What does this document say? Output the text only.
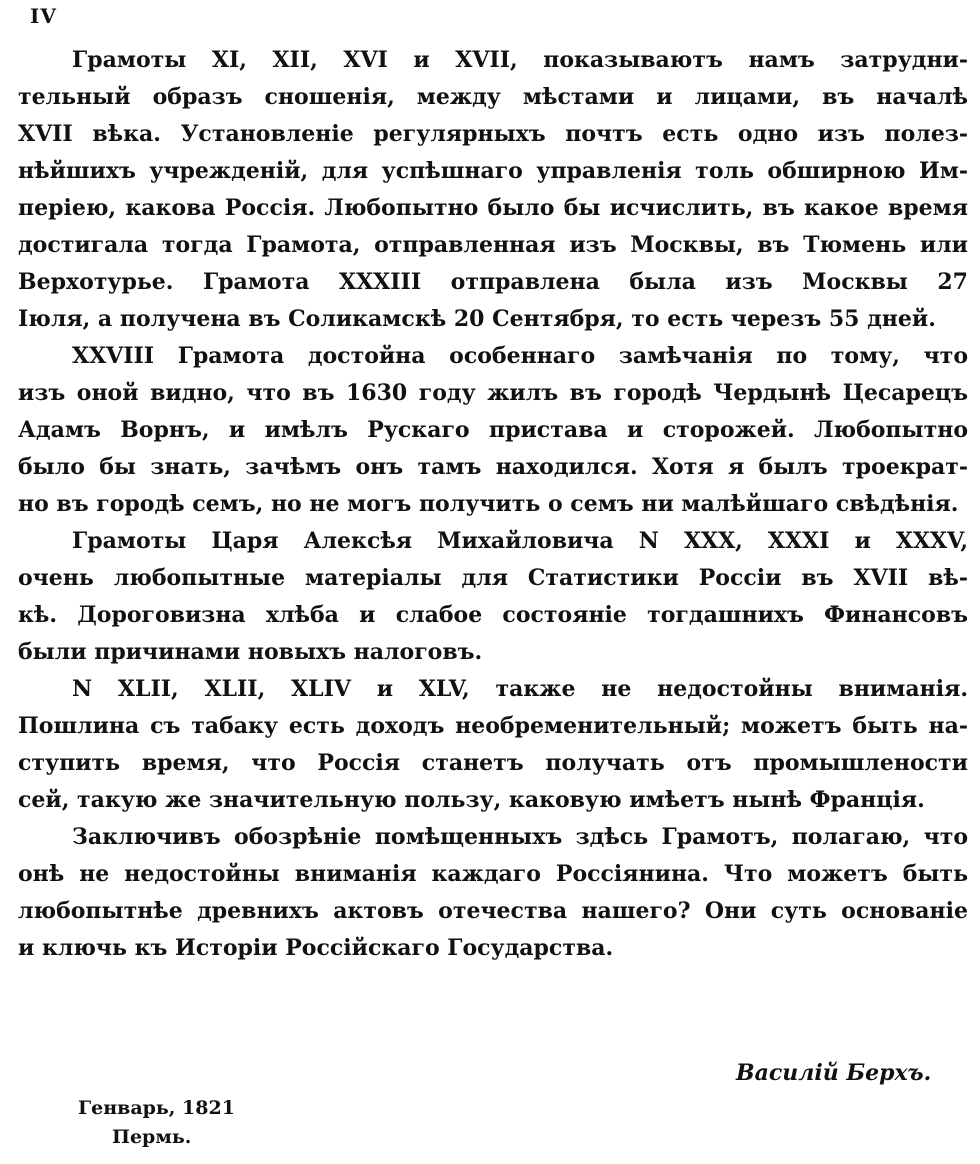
IV
Грамоты XI, XII, XVI и XVII, показываютъ намъ затрудни-
тельный образъ сношенія, между мѣстами и лицами, въ началѣ
XVII вѣка. Установленіе регулярныхъ почтъ есть одно изъ полез-
нѣйшихъ учрежденій, для успѣшнаго управленія толь обширною Им-
періею, какова Россія. Любопытно было бы исчислить, въ какое время
достигала тогда Грамота, отправленная изъ Москвы, въ Тюмень или
Верхотурье. Грамота XXXIII отправлена была изъ Москвы 27
Іюля, а получена въ Соликамскѣ 20 Сентября, то есть черезъ 55 дней.
XXVIII Грамота достойна особеннаго замѣчанія по тому, что
изъ оной видно, что въ 1630 году жилъ въ городѣ Чердынѣ Цесарецъ
Адамъ Ворнъ, и имѣлъ Рускаго пристава и сторожей. Любопытно
было бы знать, зачѣмъ онъ тамъ находился. Хотя я былъ троекрат-
но въ городѣ семъ, но не могъ получить о семъ ни малѣйшаго свѣдѣнія.
Грамоты Царя Алексѣя Михайловича N XXX, XXXI и XXXV,
очень любопытные матеріалы для Статистики Россіи въ XVII вѣ-
кѣ. Дороговизна хлѣба и слабое состояніе тогдашнихъ Финансовъ
были причинами новыхъ налоговъ.
N XLII, XLII, XLIV и XLV, также не недостойны вниманія.
Пошлина съ табаку есть доходъ необременительный; можетъ быть на-
ступить время, что Россія станетъ получать отъ промышлености
сей, такую же значительную пользу, каковую имѣетъ нынѣ Франція.
Заключивъ обозрѣніе помѣщенныхъ здѣсь Грамотъ, полагаю, что
онѣ не недостойны вниманія каждаго Россіянина. Что можетъ быть
любопытнѣе древнихъ актовъ отечества нашего? Они суть основаніе
и ключь къ Исторіи Россійскаго Государства.
Василій Берхъ.
Генварь, 1821
Пермь.
